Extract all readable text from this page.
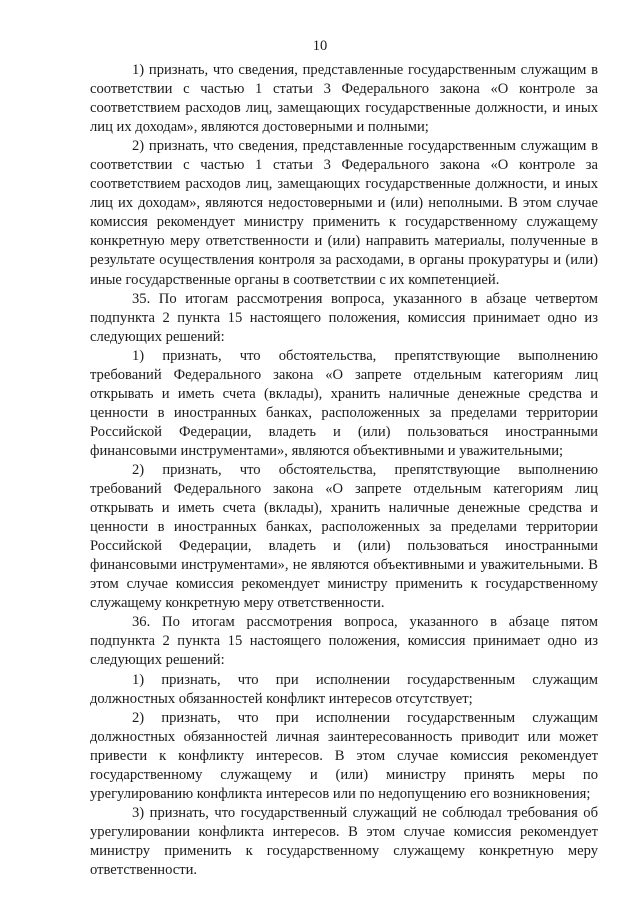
10

1) признать, что сведения, представленные государственным служащим в соответствии с частью 1 статьи 3 Федерального закона «О контроле за соответствием расходов лиц, замещающих государственные должности, и иных лиц их доходам», являются достоверными и полными;

2) признать, что сведения, представленные государственным служащим в соответствии с частью 1 статьи 3 Федерального закона «О контроле за соответствием расходов лиц, замещающих государственные должности, и иных лиц их доходам», являются недостоверными и (или) неполными. В этом случае комиссия рекомендует министру применить к государственному служащему конкретную меру ответственности и (или) направить материалы, полученные в результате осуществления контроля за расходами, в органы прокуратуры и (или) иные государственные органы в соответствии с их компетенцией.

35. По итогам рассмотрения вопроса, указанного в абзаце четвертом подпункта 2 пункта 15 настоящего положения, комиссия принимает одно из следующих решений:

1) признать, что обстоятельства, препятствующие выполнению требований Федерального закона «О запрете отдельным категориям лиц открывать и иметь счета (вклады), хранить наличные денежные средства и ценности в иностранных банках, расположенных за пределами территории Российской Федерации, владеть и (или) пользоваться иностранными финансовыми инструментами», являются объективными и уважительными;

2) признать, что обстоятельства, препятствующие выполнению требований Федерального закона «О запрете отдельным категориям лиц открывать и иметь счета (вклады), хранить наличные денежные средства и ценности в иностранных банках, расположенных за пределами территории Российской Федерации, владеть и (или) пользоваться иностранными финансовыми инструментами», не являются объективными и уважительными. В этом случае комиссия рекомендует министру применить к государственному служащему конкретную меру ответственности.

36. По итогам рассмотрения вопроса, указанного в абзаце пятом подпункта 2 пункта 15 настоящего положения, комиссия принимает одно из следующих решений:

1) признать, что при исполнении государственным служащим должностных обязанностей конфликт интересов отсутствует;

2) признать, что при исполнении государственным служащим должностных обязанностей личная заинтересованность приводит или может привести к конфликту интересов. В этом случае комиссия рекомендует государственному служащему и (или) министру принять меры по урегулированию конфликта интересов или по недопущению его возникновения;

3) признать, что государственный служащий не соблюдал требования об урегулировании конфликта интересов. В этом случае комиссия рекомендует министру применить к государственному служащему конкретную меру ответственности.
